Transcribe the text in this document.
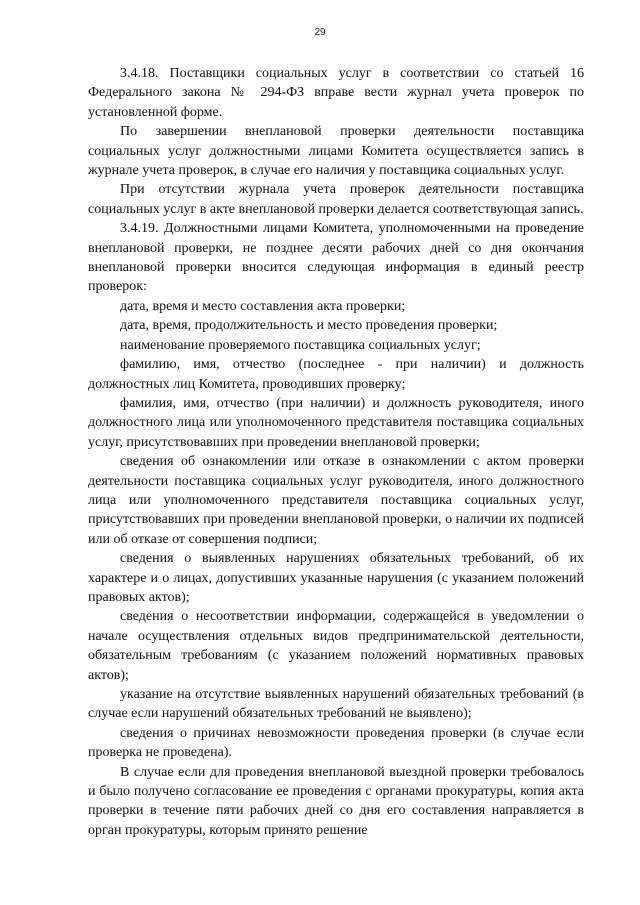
29

3.4.18. Поставщики социальных услуг в соответствии со статьей 16 Федерального закона № 294-ФЗ вправе вести журнал учета проверок по установленной форме.

По завершении внеплановой проверки деятельности поставщика социальных услуг должностными лицами Комитета осуществляется запись в журнале учета проверок, в случае его наличия у поставщика социальных услуг.

При отсутствии журнала учета проверок деятельности поставщика социальных услуг в акте внеплановой проверки делается соответствующая запись.

3.4.19. Должностными лицами Комитета, уполномоченными на проведение внеплановой проверки, не позднее десяти рабочих дней со дня окончания внеплановой проверки вносится следующая информация в единый реестр проверок:

дата, время и место составления акта проверки;

дата, время, продолжительность и место проведения проверки;

наименование проверяемого поставщика социальных услуг;

фамилию, имя, отчество (последнее - при наличии) и должность должностных лиц Комитета, проводивших проверку;

фамилия, имя, отчество (при наличии) и должность руководителя, иного должностного лица или уполномоченного представителя поставщика социальных услуг, присутствовавших при проведении внеплановой проверки;

сведения об ознакомлении или отказе в ознакомлении с актом проверки деятельности поставщика социальных услуг руководителя, иного должностного лица или уполномоченного представителя поставщика социальных услуг, присутствовавших при проведении внеплановой проверки, о наличии их подписей или об отказе от совершения подписи;

сведения о выявленных нарушениях обязательных требований, об их характере и о лицах, допустивших указанные нарушения (с указанием положений правовых актов);

сведения о несоответствии информации, содержащейся в уведомлении о начале осуществления отдельных видов предпринимательской деятельности, обязательным требованиям (с указанием положений нормативных правовых актов);

указание на отсутствие выявленных нарушений обязательных требований (в случае если нарушений обязательных требований не выявлено);

сведения о причинах невозможности проведения проверки (в случае если проверка не проведена).

В случае если для проведения внеплановой выездной проверки требовалось и было получено согласование ее проведения с органами прокуратуры, копия акта проверки в течение пяти рабочих дней со дня его составления направляется в орган прокуратуры, которым принято решение
